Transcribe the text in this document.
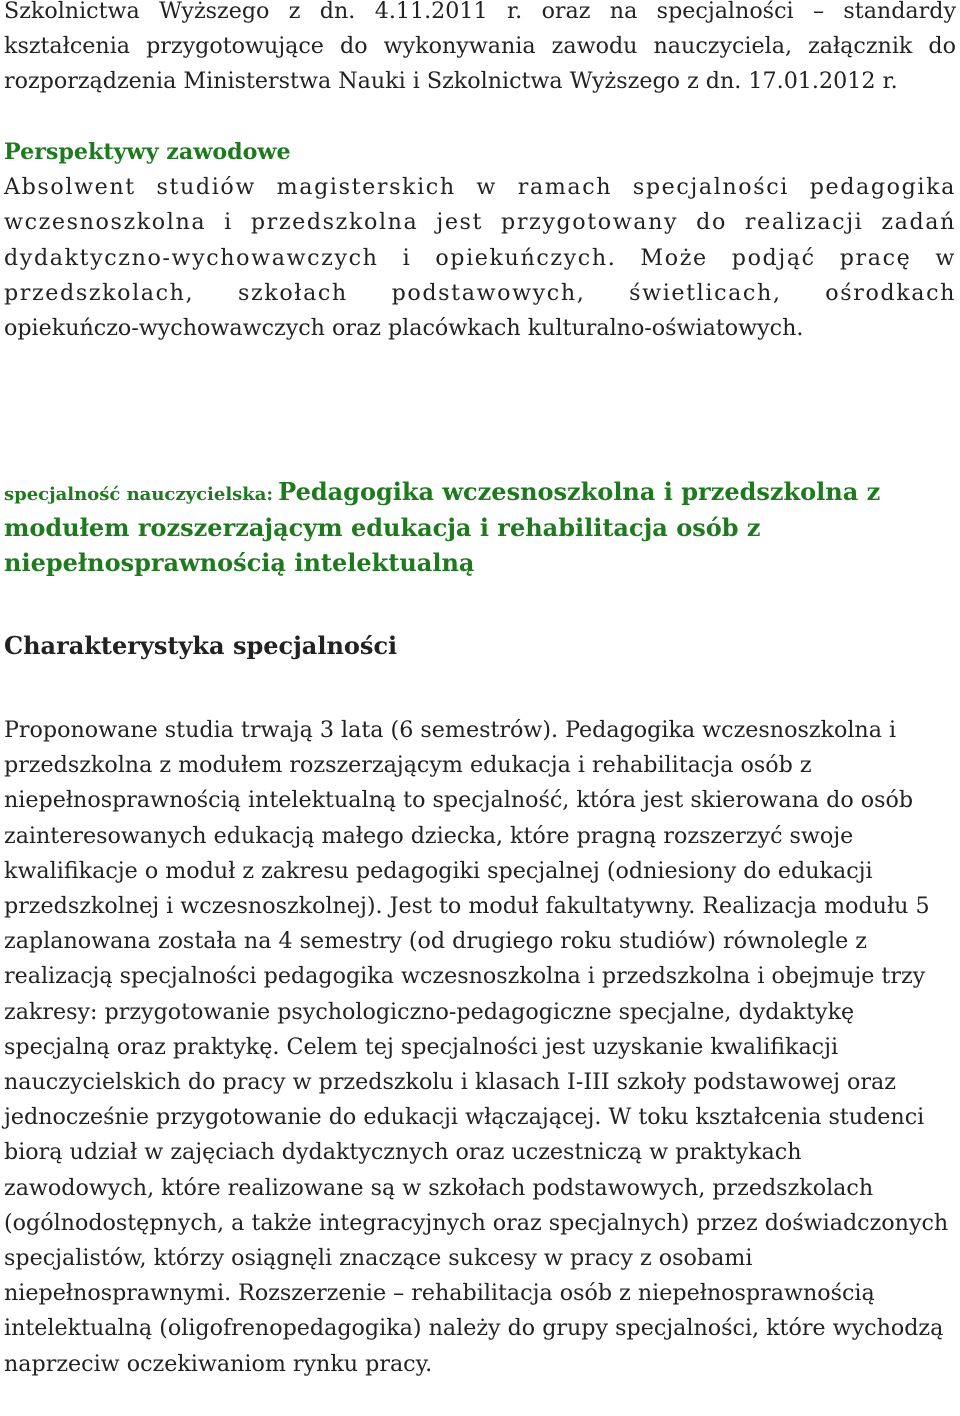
Szkolnictwa Wyższego z dn. 4.11.2011 r. oraz na specjalności – standardy kształcenia przygotowujące do wykonywania zawodu nauczyciela, załącznik do rozporządzenia Ministerstwa Nauki i Szkolnictwa Wyższego z dn. 17.01.2012 r.

Perspektywy zawodowe

Absolwent studiów magisterskich w ramach specjalności pedagogika wczesnoszkolna i przedszkolna jest przygotowany do realizacji zadań dydaktyczno-wychowawczych i opiekuńczych. Może podjąć pracę w przedszkolach, szkołach podstawowych, świetlicach, ośrodkach opiekuńczo-wychowawczych oraz placówkach kulturalno-oświatowych.

specjalność nauczycielska: Pedagogika wczesnoszkolna i przedszkolna z modułem rozszerzającym edukacja i rehabilitacja osób z niepełnosprawnością intelektualną

Charakterystyka specjalności

Proponowane studia trwają 3 lata (6 semestrów). Pedagogika wczesnoszkolna i przedszkolna z modułem rozszerzającym edukacja i rehabilitacja osób z niepełnosprawnością intelektualną to specjalność, która jest skierowana do osób zainteresowanych edukacją małego dziecka, które pragną rozszerzyć swoje kwalifikacje o moduł z zakresu pedagogiki specjalnej (odniesiony do edukacji przedszkolnej i wczesnoszkolnej). Jest to moduł fakultatywny. Realizacja modułu 5 zaplanowana została na 4 semestry (od drugiego roku studiów) równolegle z realizacją specjalności pedagogika wczesnoszkolna i przedszkolna i obejmuje trzy zakresy: przygotowanie psychologiczno-pedagogiczne specjalne, dydaktykę specjalną oraz praktykę. Celem tej specjalności jest uzyskanie kwalifikacji nauczycielskich do pracy w przedszkolu i klasach I-III szkoły podstawowej oraz jednocześnie przygotowanie do edukacji włączającej. W toku kształcenia studenci biorą udział w zajęciach dydaktycznych oraz uczestniczą w praktykach zawodowych, które realizowane są w szkołach podstawowych, przedszkolach (ogólnodostępnych, a także integracyjnych oraz specjalnych) przez doświadczonych specjalistów, którzy osiągnęli znaczące sukcesy w pracy z osobami niepełnosprawnymi. Rozszerzenie – rehabilitacja osób z niepełnosprawnością intelektualną (oligofrenopedagogika) należy do grupy specjalności, które wychodzą naprzeciw oczekiwaniom rynku pracy.
